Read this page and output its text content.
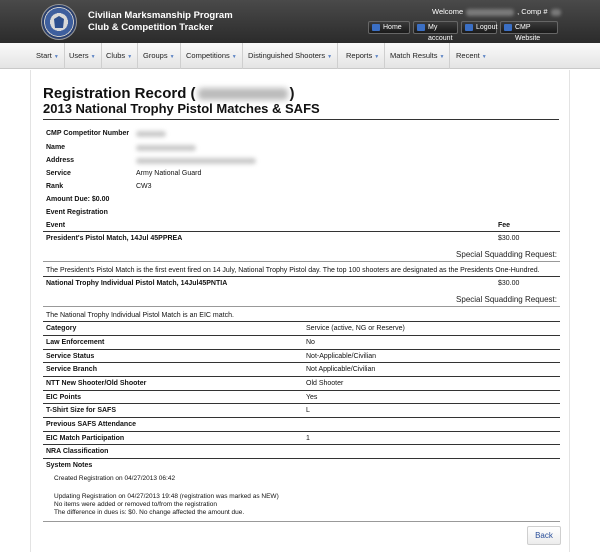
Civilian Marksmanship Program
Club & Competition Tracker
Welcome	, Comp #
Home	My account
Logout	CMP Website
Start ▼	Users ▼	Clubs ▼	Groups ▼	Competitions ▼	Distinguished Shooters ▼	Reports ▼	Match Results ▼	Recent ▼
Registration Record (	)
2013 National Trophy Pistol Matches & SAFS
CMP Competitor Number
Name
Address
Service	Army National Guard
Rank	CW3
Amount Due: $0.00
Event Registration
Event	Fee
President's Pistol Match, 14Jul 45PPREA	$30.00
Special Squadding Request:
The President's Pistol Match is the first event fired on 14 July, National Trophy Pistol day. The top 100 shooters are designated as the Presidents One-Hundred.
National Trophy Individual Pistol Match, 14Jul45PNTIA	$30.00
Special Squadding Request:
The National Trophy Individual Pistol Match is an EIC match.
Category	Service (active, NG or Reserve)
Law Enforcement	No
Service Status	Not-Applicable/Civilian
Service Branch	Not Applicable/Civilian
NTT New Shooter/Old Shooter	Old Shooter
EIC Points	Yes
T-Shirt Size for SAFS	L
Previous SAFS Attendance
EIC Match Participation	1
NRA Classification
System Notes
Created Registration on 04/27/2013 06:42
Updating Registration on 04/27/2013 19:48 (registration was marked as NEW)
No items were added or removed to/from the registration
The difference in dues is: $0. No change affected the amount due.
Back
